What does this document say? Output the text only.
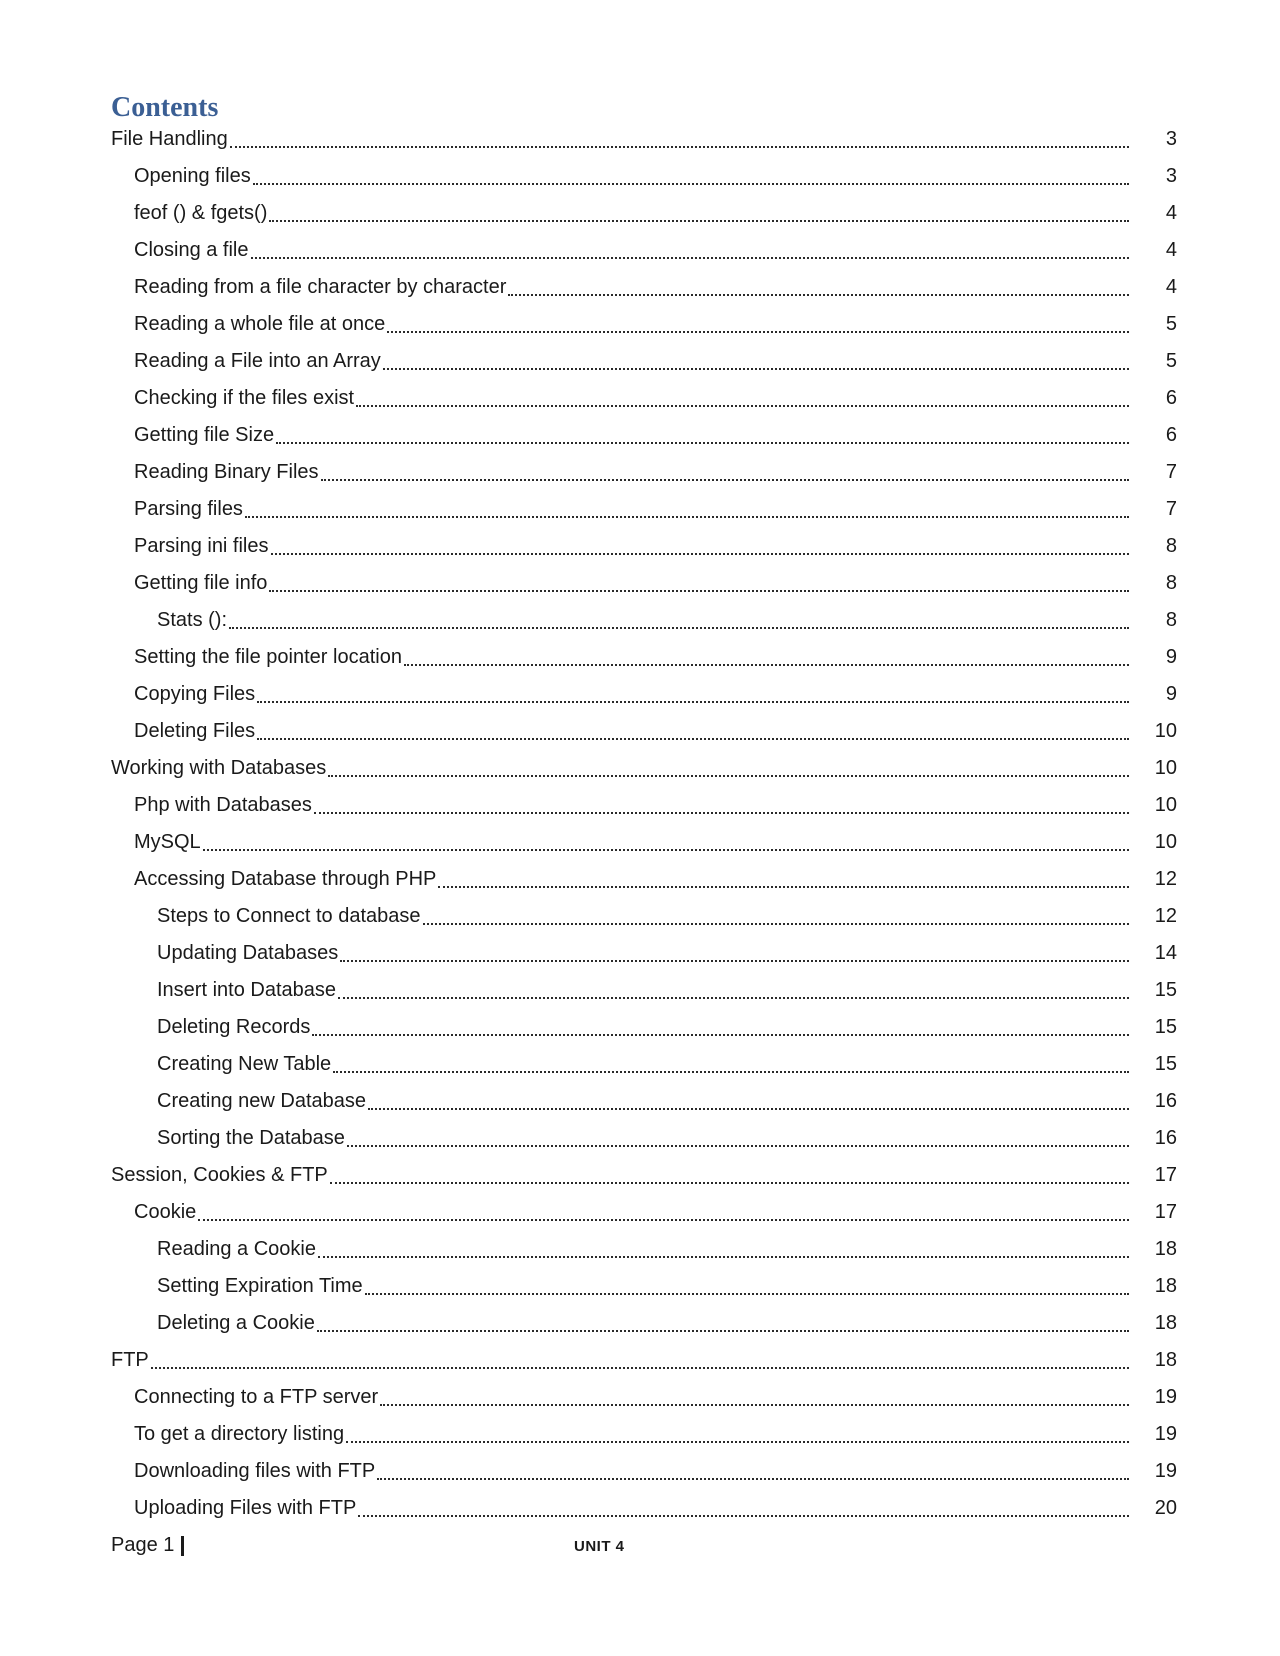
Contents
File Handling	3
Opening files	3
feof () & fgets()	4
Closing a file	4
Reading from a file character by character	4
Reading a whole file at once	5
Reading a File into an Array	5
Checking if the files exist	6
Getting file Size	6
Reading Binary Files	7
Parsing files	7
Parsing ini files	8
Getting file info	8
Stats ():	8
Setting the file pointer location	9
Copying Files	9
Deleting Files	10
Working with Databases	10
Php with Databases	10
MySQL	10
Accessing Database through PHP	12
Steps to Connect to database	12
Updating Databases	14
Insert into Database	15
Deleting Records	15
Creating New Table	15
Creating new Database	16
Sorting the Database	16
Session, Cookies & FTP	17
Cookie	17
Reading a Cookie	18
Setting Expiration Time	18
Deleting a Cookie	18
FTP	18
Connecting to a FTP server	19
To get a directory listing	19
Downloading files with FTP	19
Uploading Files with FTP	20
Page 1	UNIT 4
